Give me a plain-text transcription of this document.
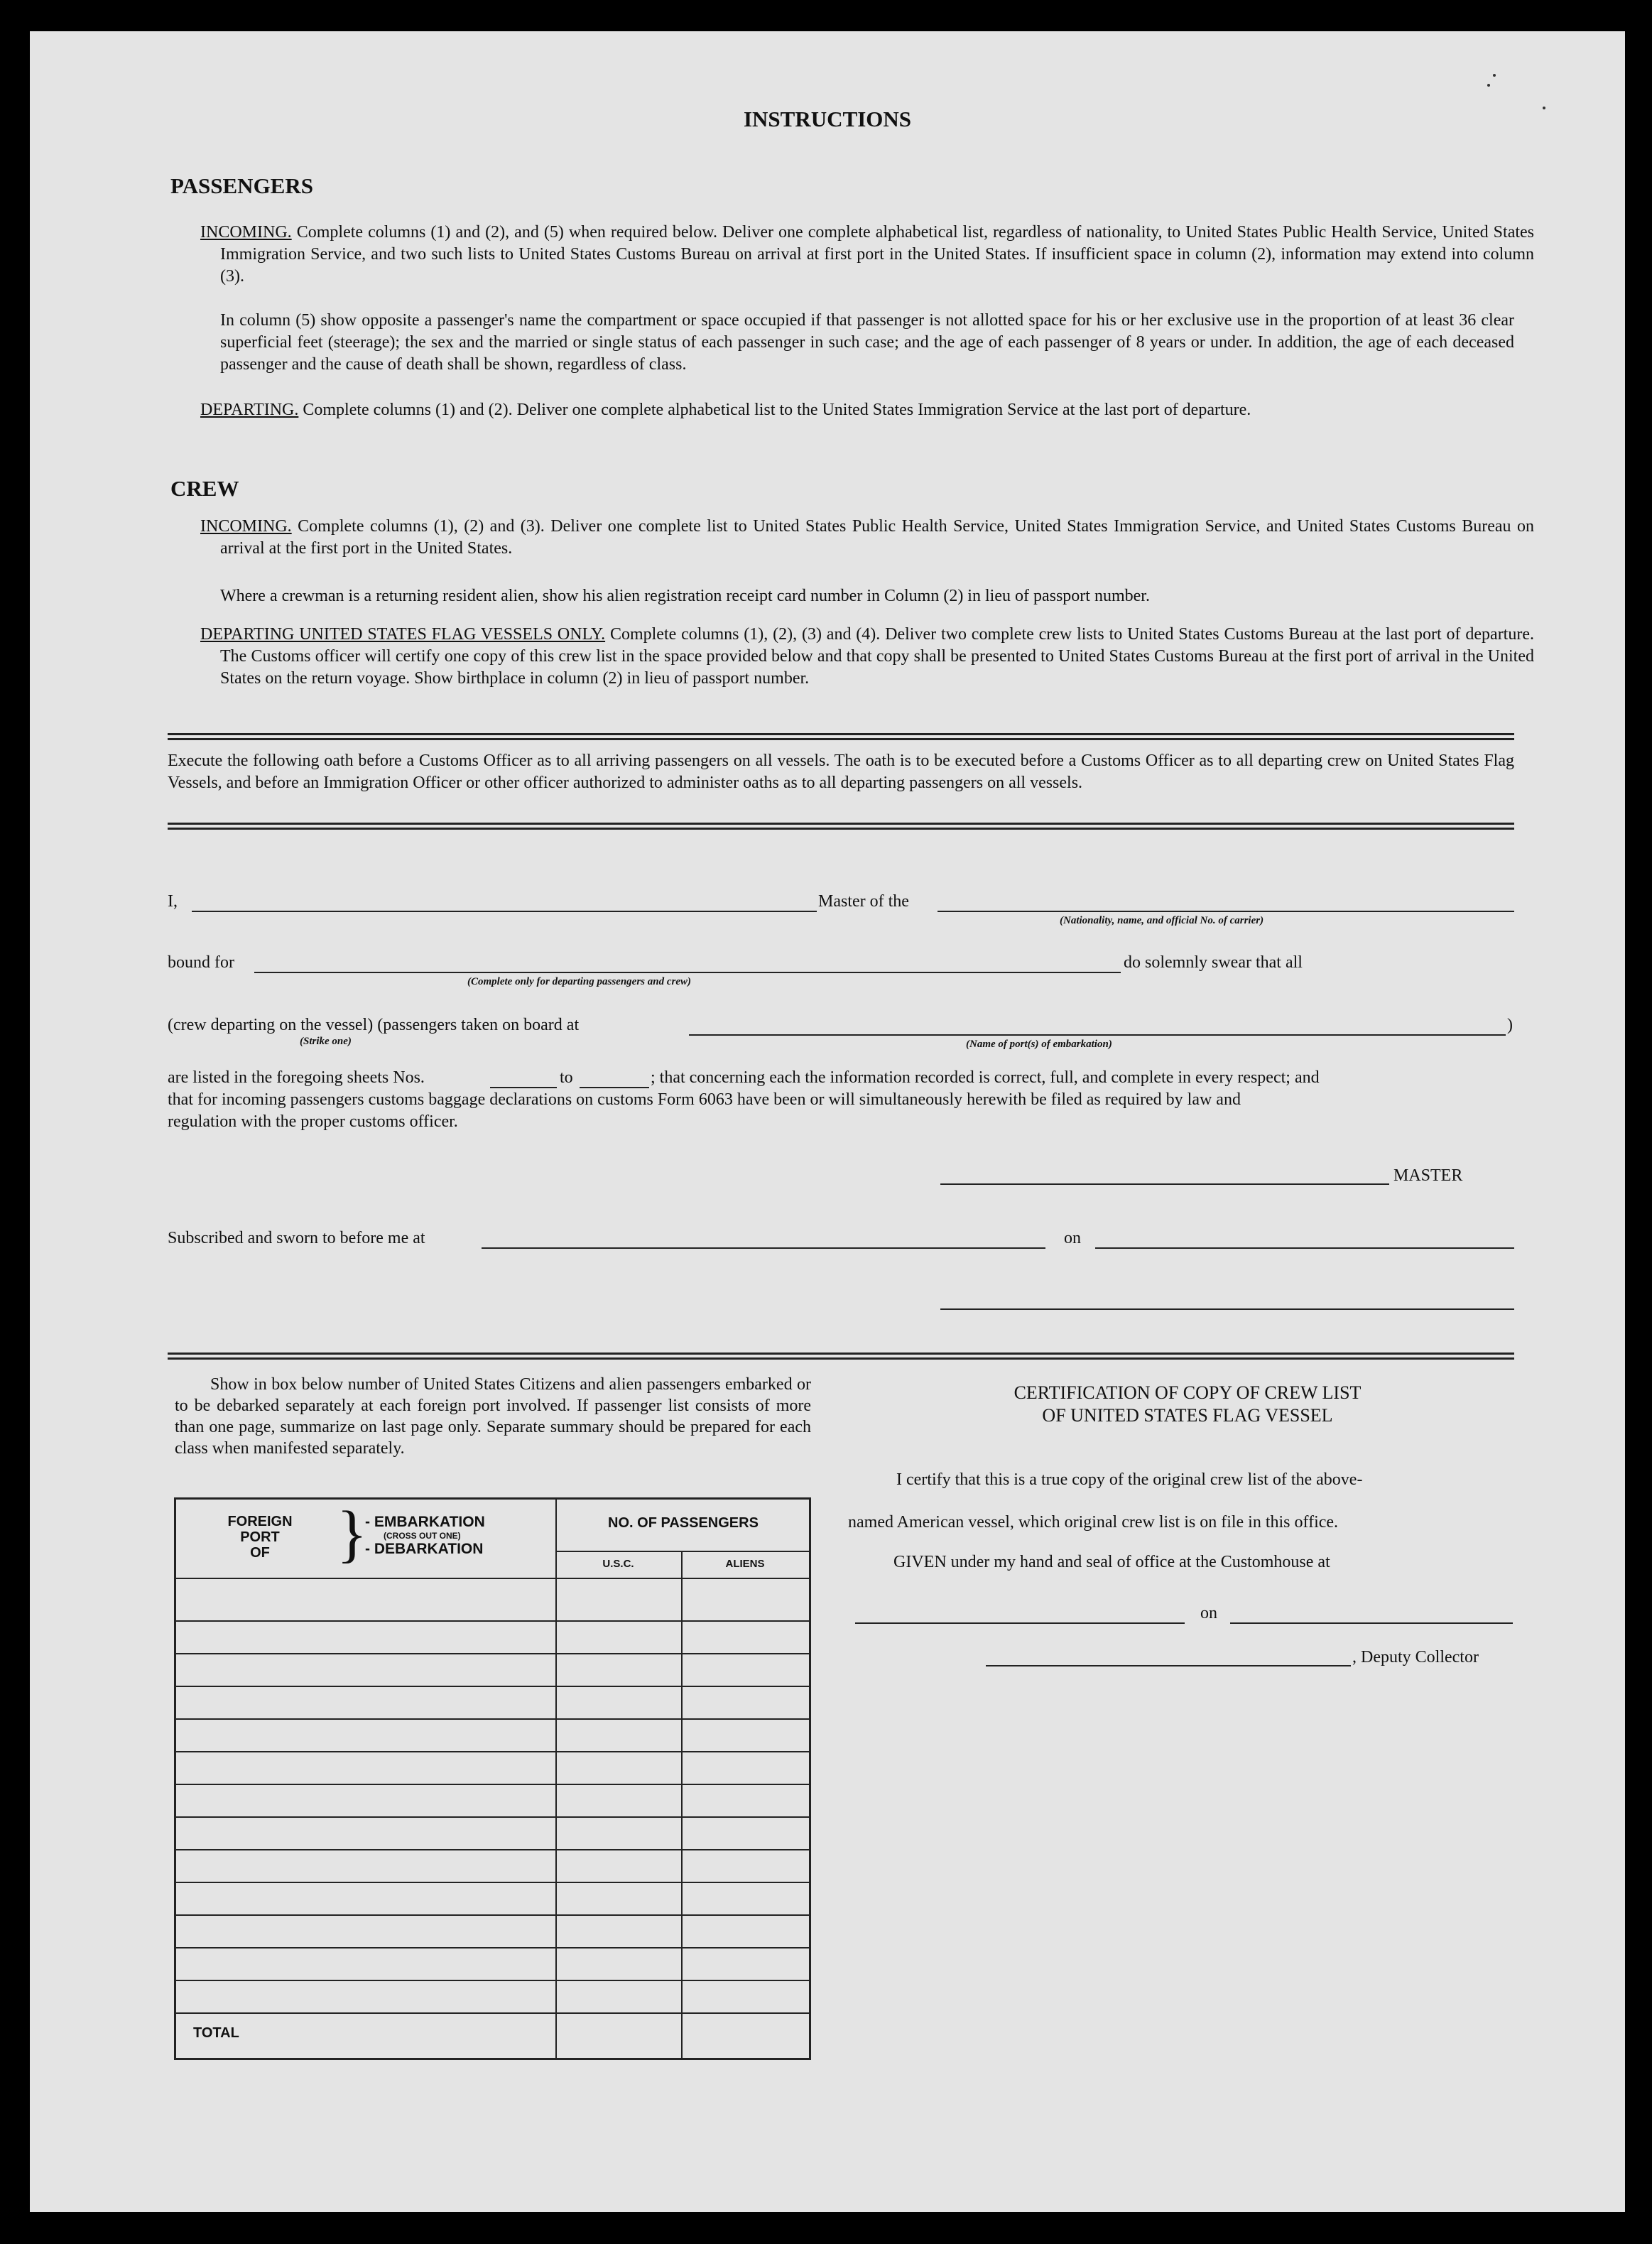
INSTRUCTIONS
PASSENGERS
INCOMING. Complete columns (1) and (2), and (5) when required below. Deliver one complete alphabetical list, regardless of nationality, to United States Public Health Service, United States Immigration Service, and two such lists to United States Customs Bureau on arrival at first port in the United States. If insufficient space in column (2), information may extend into column (3).
In column (5) show opposite a passenger's name the compartment or space occupied if that passenger is not allotted space for his or her exclusive use in the proportion of at least 36 clear superficial feet (steerage); the sex and the married or single status of each passenger in such case; and the age of each passenger of 8 years or under. In addition, the age of each deceased passenger and the cause of death shall be shown, regardless of class.
DEPARTING. Complete columns (1) and (2). Deliver one complete alphabetical list to the United States Immigration Service at the last port of departure.
CREW
INCOMING. Complete columns (1), (2) and (3). Deliver one complete list to United States Public Health Service, United States Immigration Service, and United States Customs Bureau on arrival at the first port in the United States.
Where a crewman is a returning resident alien, show his alien registration receipt card number in Column (2) in lieu of passport number.
DEPARTING UNITED STATES FLAG VESSELS ONLY. Complete columns (1), (2), (3) and (4). Deliver two complete crew lists to United States Customs Bureau at the last port of departure. The Customs officer will certify one copy of this crew list in the space provided below and that copy shall be presented to United States Customs Bureau at the first port of arrival in the United States on the return voyage. Show birthplace in column (2) in lieu of passport number.
Execute the following oath before a Customs Officer as to all arriving passengers on all vessels. The oath is to be executed before a Customs Officer as to all departing crew on United States Flag Vessels, and before an Immigration Officer or other officer authorized to administer oaths as to all departing passengers on all vessels.
I,	Master of the
(Nationality, name, and official No. of carrier)
bound for
(Complete only for departing passengers and crew)
do solemnly swear that all
(crew departing on the vessel) (passengers taken on board at
(Strike one)	(Name of port(s) of embarkation)
)
are listed in the foregoing sheets Nos.	to	; that concerning each the information recorded is correct, full, and complete in every respect; and
that for incoming passengers customs baggage declarations on customs Form 6063 have been or will simultaneously herewith be filed as required by law and
regulation with the proper customs officer.
MASTER
Subscribed and sworn to before me at	on
Show in box below number of United States Citizens and alien passengers embarked or to be debarked separately at each foreign port involved. If passenger list consists of more than one page, summarize on last page only. Separate summary should be prepared for each class when manifested separately.
FOREIGN
PORT
OF	}
- EMBARKATION
(CROSS OUT ONE)
- DEBARKATION
NO. OF PASSENGERS
U.S.C.	ALIENS
TOTAL
CERTIFICATION OF COPY OF CREW LIST
OF UNITED STATES FLAG VESSEL
I certify that this is a true copy of the original crew list of the above-
named American vessel, which original crew list is on file in this office.
GIVEN under my hand and seal of office at the Customhouse at
on
, Deputy Collector
